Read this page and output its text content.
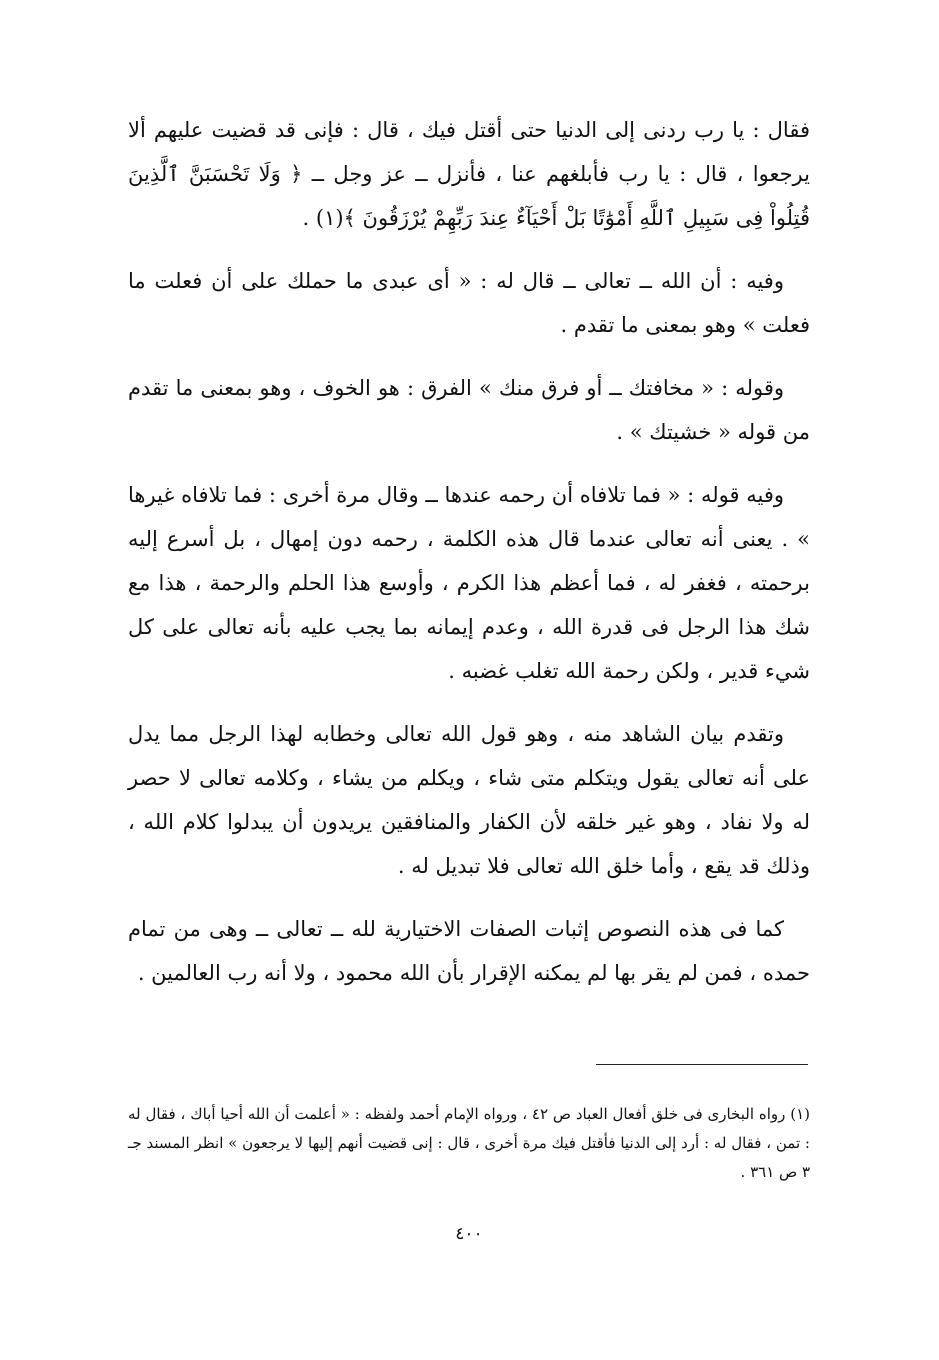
فقال : يا رب ردنى إلى الدنيا حتى أقتل فيك ، قال : فإنى قد قضيت عليهم ألا يرجعوا ، قال : يا رب فأبلغهم عنا ، فأنزل ــ عز وجل ــ ﴿ وَلَا تَحْسَبَنَّ ٱلَّذِينَ قُتِلُواْ فِى سَبِيلِ ٱللَّهِ أَمْوَٰتًا بَلْ أَحْيَآءٌ عِندَ رَبِّهِمْ يُرْزَقُونَ ﴾(١) .

وفيه : أن الله ــ تعالى ــ قال له : « أى عبدى ما حملك على أن فعلت ما فعلت » وهو بمعنى ما تقدم .

وقوله : « مخافتك ــ أو فرق منك » الفرق : هو الخوف ، وهو بمعنى ما تقدم من قوله « خشيتك » .

وفيه قوله : « فما تلافاه أن رحمه عندها ــ وقال مرة أخرى : فما تلافاه غيرها » . يعنى أنه تعالى عندما قال هذه الكلمة ، رحمه دون إمهال ، بل أسرع إليه برحمته ، فغفر له ، فما أعظم هذا الكرم ، وأوسع هذا الحلم والرحمة ، هذا مع شك هذا الرجل فى قدرة الله ، وعدم إيمانه بما يجب عليه بأنه تعالى على كل شيء قدير ، ولكن رحمة الله تغلب غضبه .

وتقدم بيان الشاهد منه ، وهو قول الله تعالى وخطابه لهذا الرجل مما يدل على أنه تعالى يقول ويتكلم متى شاء ، ويكلم من يشاء ، وكلامه تعالى لا حصر له ولا نفاد ، وهو غير خلقه لأن الكفار والمنافقين يريدون أن يبدلوا كلام الله ، وذلك قد يقع ، وأما خلق الله تعالى فلا تبديل له .

كما فى هذه النصوص إثبات الصفات الاختيارية لله ــ تعالى ــ وهى من تمام حمده ، فمن لم يقر بها لم يمكنه الإقرار بأن الله محمود ، ولا أنه رب العالمين .

(١) رواه البخارى فى خلق أفعال العباد ص ٤٢ ، ورواه الإمام أحمد ولفظه : « أعلمت أن الله أحيا أباك ، فقال له : تمن ، فقال له : أرد إلى الدنيا فأقتل فيك مرة أخرى ، قال : إنى قضيت أنهم إليها لا يرجعون » انظر المسند جـ ٣ ص ٣٦١ .

٤٠٠
